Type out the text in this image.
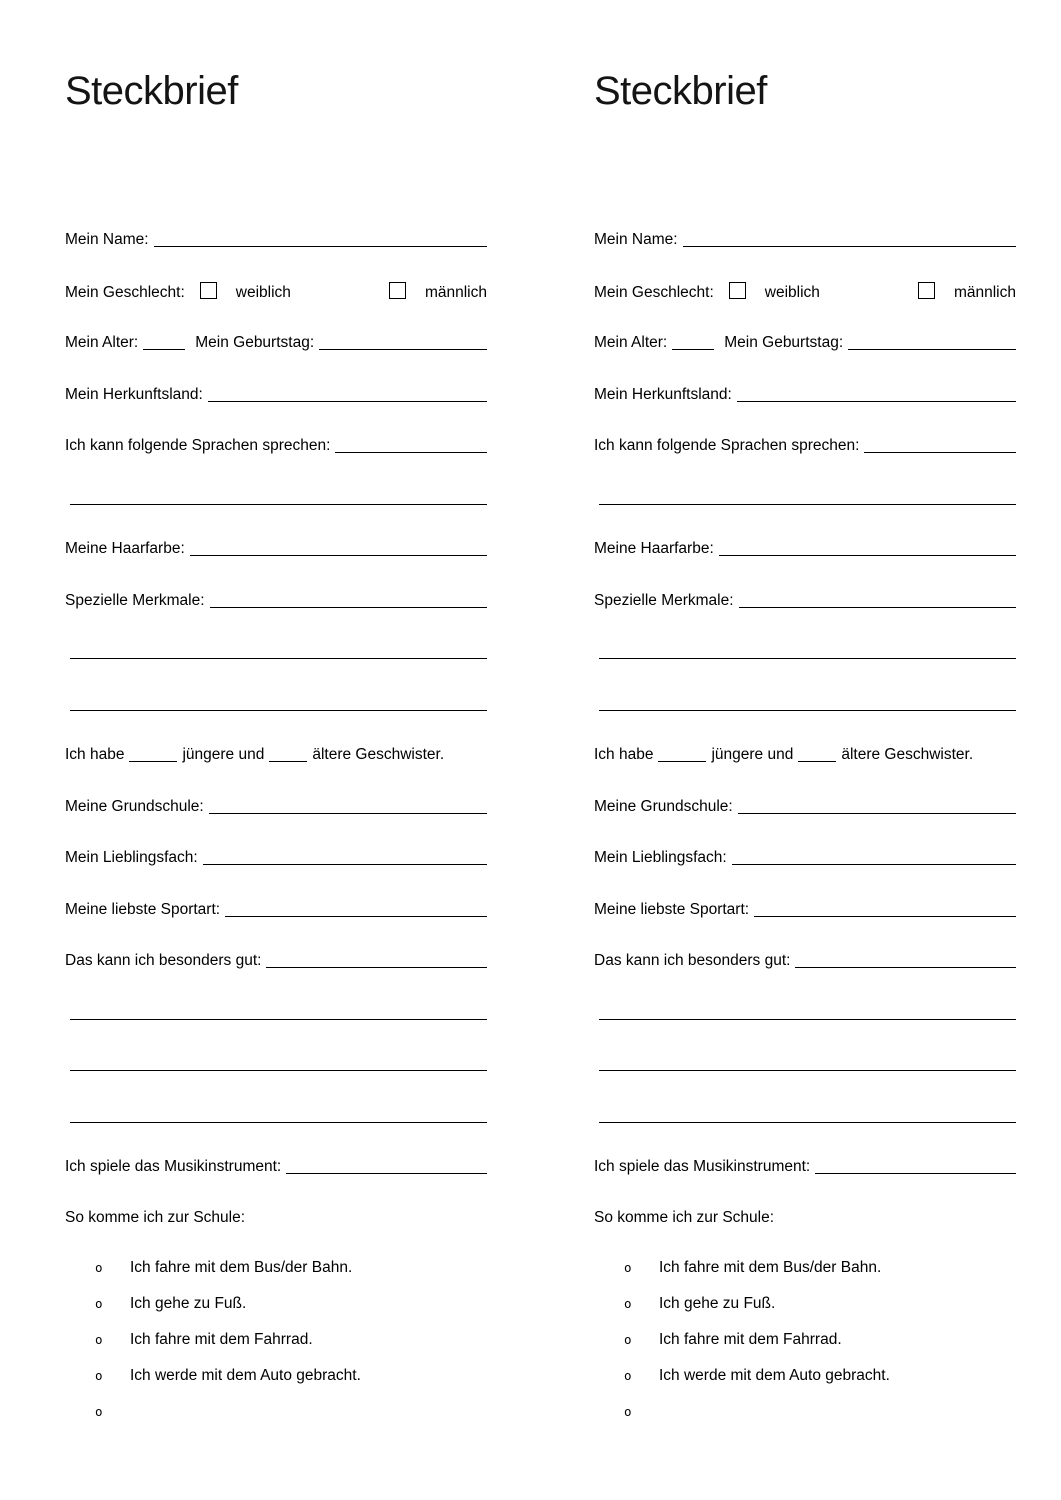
Steckbrief
Mein Name:
Mein Geschlecht:	weiblich	männlich
Mein Alter:	Mein Geburtstag:
Mein Herkunftsland:
Ich kann folgende Sprachen sprechen:
Meine Haarfarbe:
Spezielle Merkmale:
Ich habe	jüngere und	ältere Geschwister.
Meine Grundschule:
Mein Lieblingsfach:
Meine liebste Sportart:
Das kann ich besonders gut:
Ich spiele das Musikinstrument:
So komme ich zur Schule:
o	Ich fahre mit dem Bus/der Bahn.
o	Ich gehe zu Fuß.
o	Ich fahre mit dem Fahrrad.
o	Ich werde mit dem Auto gebracht.
o
Steckbrief
Mein Name:
Mein Geschlecht:	weiblich	männlich
Mein Alter:	Mein Geburtstag:
Mein Herkunftsland:
Ich kann folgende Sprachen sprechen:
Meine Haarfarbe:
Spezielle Merkmale:
Ich habe	jüngere und	ältere Geschwister.
Meine Grundschule:
Mein Lieblingsfach:
Meine liebste Sportart:
Das kann ich besonders gut:
Ich spiele das Musikinstrument:
So komme ich zur Schule:
o	Ich fahre mit dem Bus/der Bahn.
o	Ich gehe zu Fuß.
o	Ich fahre mit dem Fahrrad.
o	Ich werde mit dem Auto gebracht.
o
